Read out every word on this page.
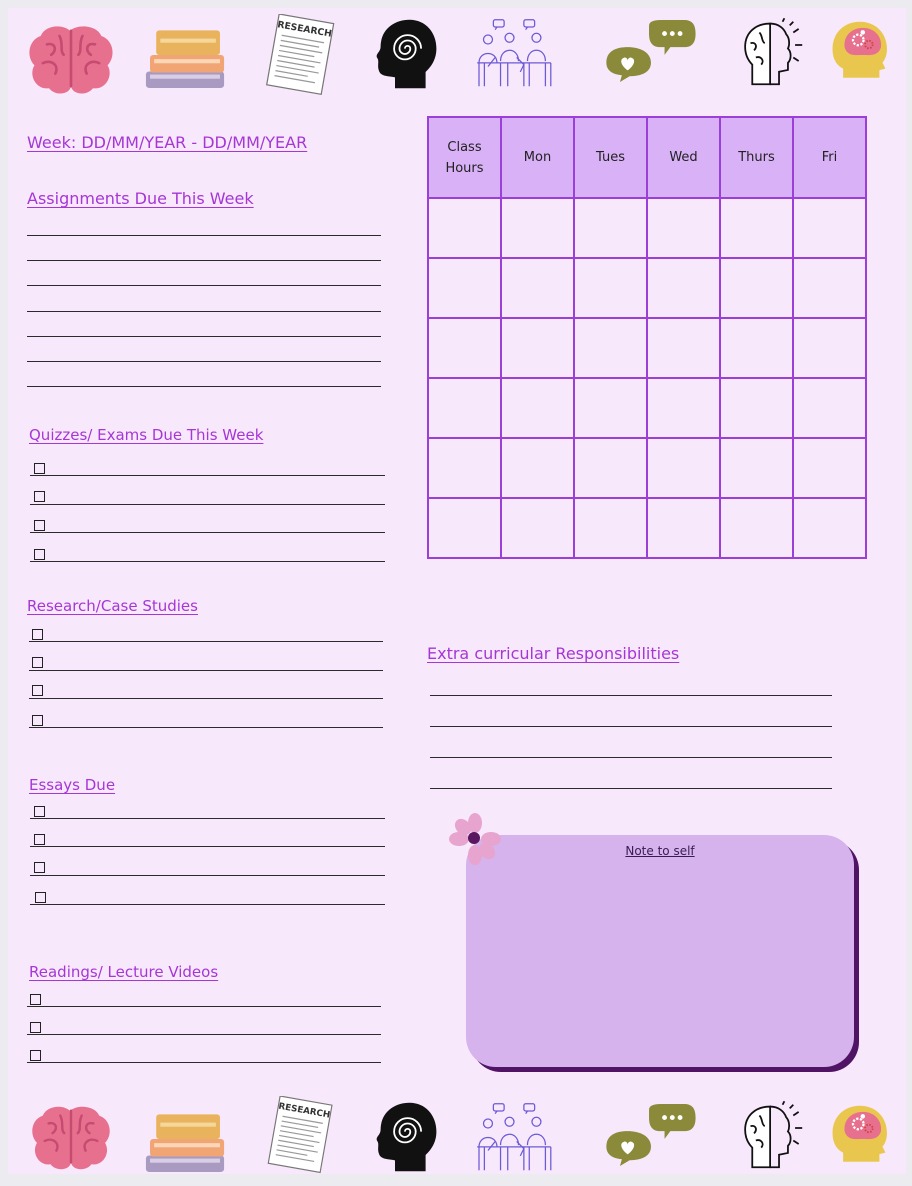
Week: DD/MM/YEAR - DD/MM/YEAR

Assignments Due This Week

Quizzes/ Exams Due This Week

Research/Case Studies

Essays Due

Readings/ Lecture Videos

Class
Hours	Mon	Tues	Wed	Thurs	Fri

Extra curricular Responsibilities

Note to self
